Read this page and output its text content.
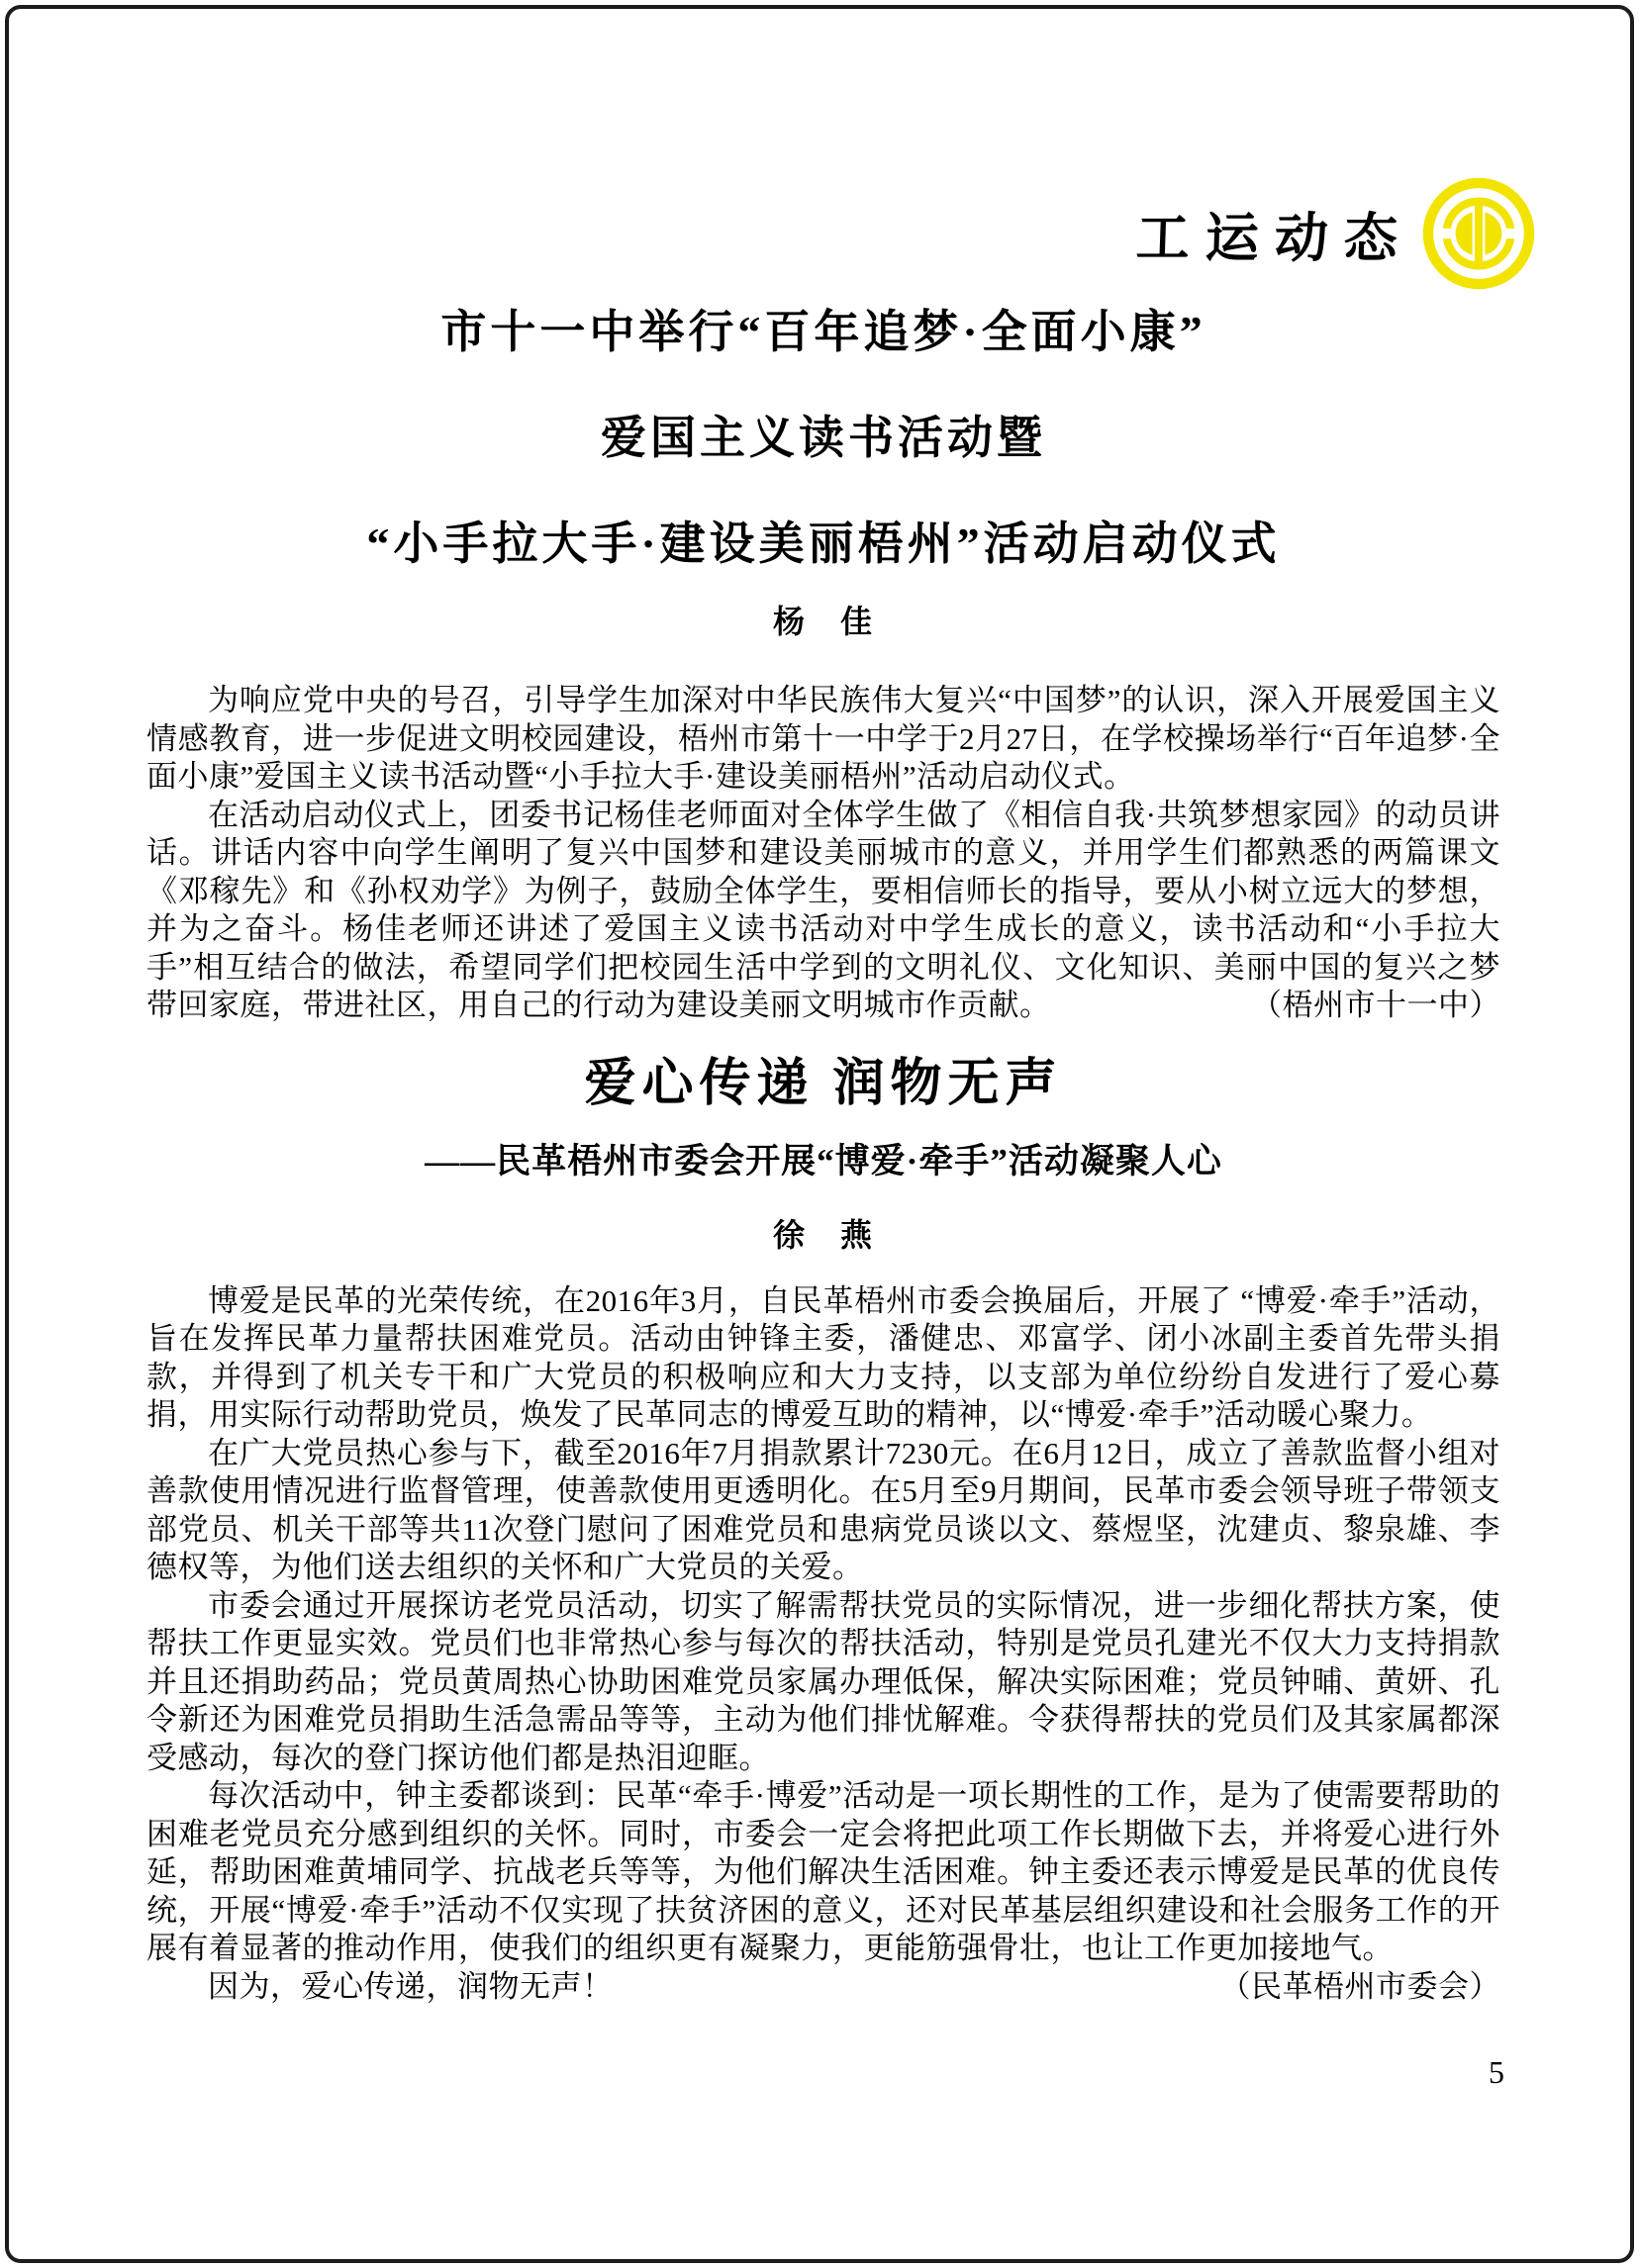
工运动态
市十一中举行“百年追梦·全面小康”
爱国主义读书活动暨
“小手拉大手·建设美丽梧州”活动启动仪式
杨　佳

为响应党中央的号召，引导学生加深对中华民族伟大复兴“中国梦”的认识，深入开展爱国主义情感教育，进一步促进文明校园建设，梧州市第十一中学于2月27日，在学校操场举行“百年追梦·全面小康”爱国主义读书活动暨“小手拉大手·建设美丽梧州”活动启动仪式。

在活动启动仪式上，团委书记杨佳老师面对全体学生做了《相信自我·共筑梦想家园》的动员讲话。讲话内容中向学生阐明了复兴中国梦和建设美丽城市的意义，并用学生们都熟悉的两篇课文《邓稼先》和《孙权劝学》为例子，鼓励全体学生，要相信师长的指导，要从小树立远大的梦想，并为之奋斗。杨佳老师还讲述了爱国主义读书活动对中学生成长的意义，读书活动和“小手拉大手”相互结合的做法，希望同学们把校园生活中学到的文明礼仪、文化知识、美丽中国的复兴之梦带回家庭，带进社区，用自己的行动为建设美丽文明城市作贡献。	（梧州市十一中）

爱心传递 润物无声
——民革梧州市委会开展“博爱·牵手”活动凝聚人心
徐　燕

博爱是民革的光荣传统，在2016年3月，自民革梧州市委会换届后，开展了 “博爱·牵手”活动，旨在发挥民革力量帮扶困难党员。活动由钟锋主委，潘健忠、邓富学、闭小冰副主委首先带头捐款，并得到了机关专干和广大党员的积极响应和大力支持，以支部为单位纷纷自发进行了爱心募捐，用实际行动帮助党员，焕发了民革同志的博爱互助的精神，以“博爱·牵手”活动暖心聚力。

在广大党员热心参与下，截至2016年7月捐款累计7230元。在6月12日，成立了善款监督小组对善款使用情况进行监督管理，使善款使用更透明化。在5月至9月期间，民革市委会领导班子带领支部党员、机关干部等共11次登门慰问了困难党员和患病党员谈以文、蔡煜坚，沈建贞、黎泉雄、李德权等，为他们送去组织的关怀和广大党员的关爱。

市委会通过开展探访老党员活动，切实了解需帮扶党员的实际情况，进一步细化帮扶方案，使帮扶工作更显实效。党员们也非常热心参与每次的帮扶活动，特别是党员孔建光不仅大力支持捐款并且还捐助药品；党员黄周热心协助困难党员家属办理低保，解决实际困难；党员钟晡、黄妍、孔令新还为困难党员捐助生活急需品等等，主动为他们排忧解难。令获得帮扶的党员们及其家属都深受感动，每次的登门探访他们都是热泪迎眶。

每次活动中，钟主委都谈到：民革“牵手·博爱”活动是一项长期性的工作，是为了使需要帮助的困难老党员充分感到组织的关怀。同时，市委会一定会将把此项工作长期做下去，并将爱心进行外延，帮助困难黄埔同学、抗战老兵等等，为他们解决生活困难。钟主委还表示博爱是民革的优良传统，开展“博爱·牵手”活动不仅实现了扶贫济困的意义，还对民革基层组织建设和社会服务工作的开展有着显著的推动作用，使我们的组织更有凝聚力，更能筋强骨壮，也让工作更加接地气。

因为，爱心传递，润物无声！	（民革梧州市委会）

5
